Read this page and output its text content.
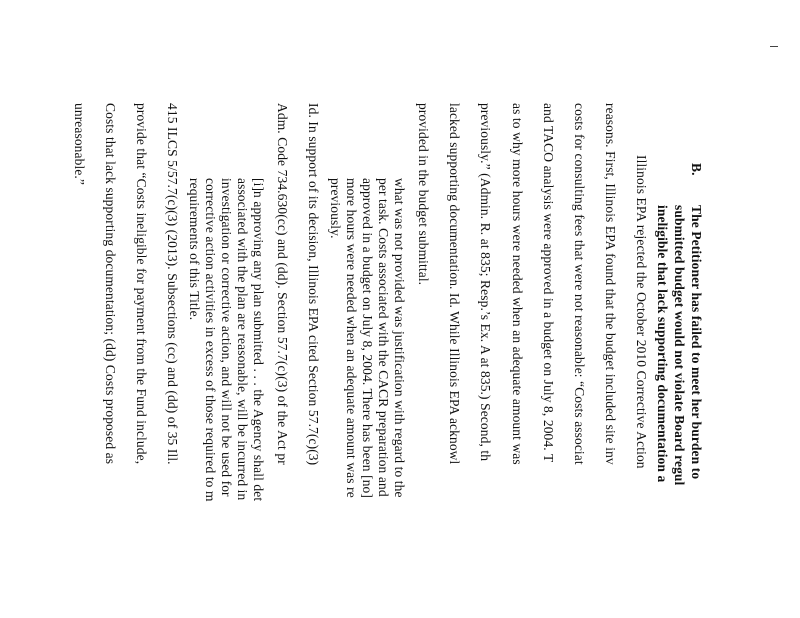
B.
The Petitioner has failed to meet her burden to
submitted budget would not violate Board regul
ineligible that lack supporting documentation a
Illinois EPA rejected the October 2010 Corrective Action
reasons. First, Illinois EPA found that the budget included site inv
costs for consulting fees that were not reasonable: “Costs associat
and TACO analysis were approved in a budget on July 8, 2004. T
as to why more hours were needed when an adequate amount was
previously.” (Admin. R. at 835; Resp.’s Ex. A at 835.) Second, th
lacked supporting documentation. Id. While Illinois EPA acknowl
provided in the budget submittal.
what was not provided was justification with regard to the
per task. Costs associated with the CACR preparation and
approved in a budget on July 8, 2004. There has been [no]
more hours were needed when an adequate amount was re
previously.
Id. In support of its decision, Illinois EPA cited Section 57.7(c)(3)
Adm. Code 734.630(cc) and (dd). Section 57.7(c)(3) of the Act pr
[i]n approving any plan submitted . . . the Agency shall det
associated with the plan are reasonable, will be incurred in
investigation or corrective action, and will not be used for
corrective action activities in excess of those required to m
requirements of this Title.
415 ILCS 5/57.7(c)(3) (2013). Subsections (cc) and (dd) of 35 Ill.
provide that “Costs ineligible for payment from the Fund include,
Costs that lack supporting documentation; (dd) Costs proposed as
unreasonable.”
